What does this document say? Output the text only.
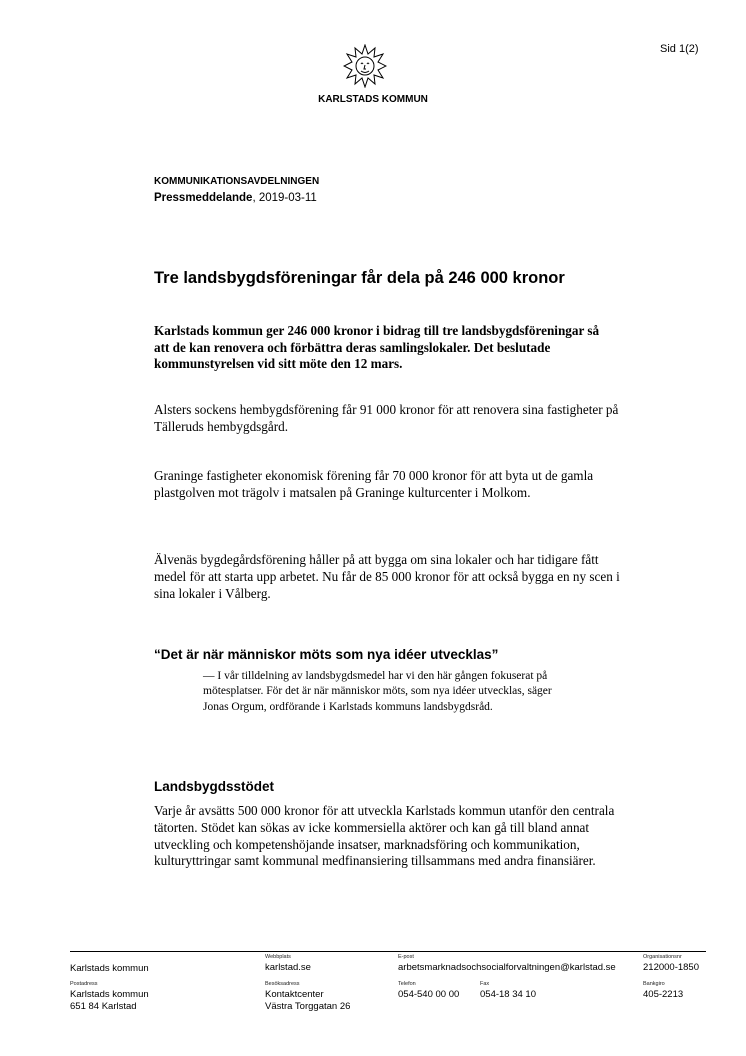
Sid 1(2)
KARLSTADS KOMMUN
KOMMUNIKATIONSAVDELNINGEN
Pressmeddelande, 2019-03-11
Tre landsbygdsföreningar får dela på 246 000 kronor
Karlstads kommun ger 246 000 kronor i bidrag till tre landsbygdsföreningar så att de kan renovera och förbättra deras samlingslokaler. Det beslutade kommunstyrelsen vid sitt möte den 12 mars.
Alsters sockens hembygdsförening får 91 000 kronor för att renovera sina fastigheter på Tälleruds hembygdsgård.
Graninge fastigheter ekonomisk förening får 70 000 kronor för att byta ut de gamla plastgolven mot trägolv i matsalen på Graninge kulturcenter i Molkom.
Älvenäs bygdegårdsförening håller på att bygga om sina lokaler och har tidigare fått medel för att starta upp arbetet. Nu får de 85 000 kronor för att också bygga en ny scen i sina lokaler i Vålberg.
“Det är när människor möts som nya idéer utvecklas”
— I vår tilldelning av landsbygdsmedel har vi den här gången fokuserat på mötesplatser. För det är när människor möts, som nya idéer utvecklas, säger Jonas Orgum, ordförande i Karlstads kommuns landsbygdsråd.
Landsbygdsstödet
Varje år avsätts 500 000 kronor för att utveckla Karlstads kommun utanför den centrala tätorten. Stödet kan sökas av icke kommersiella aktörer och kan gå till bland annat utveckling och kompetenshöjande insatser, marknadsföring och kommunikation, kulturyttringar samt kommunal medfinansiering tillsammans med andra finansiärer.
Karlstads kommun
Webbplats
karlstad.se
E-post
arbetsmarknadsochsocialforvaltningen@karlstad.se
Organisationsnr
212000-1850
Postadress
Karlstads kommun
651 84 Karlstad
Besöksadress
Kontaktcenter
Västra Torggatan 26
Telefon
054-540 00 00
Fax
054-18 34 10
Bankgiro
405-2213
